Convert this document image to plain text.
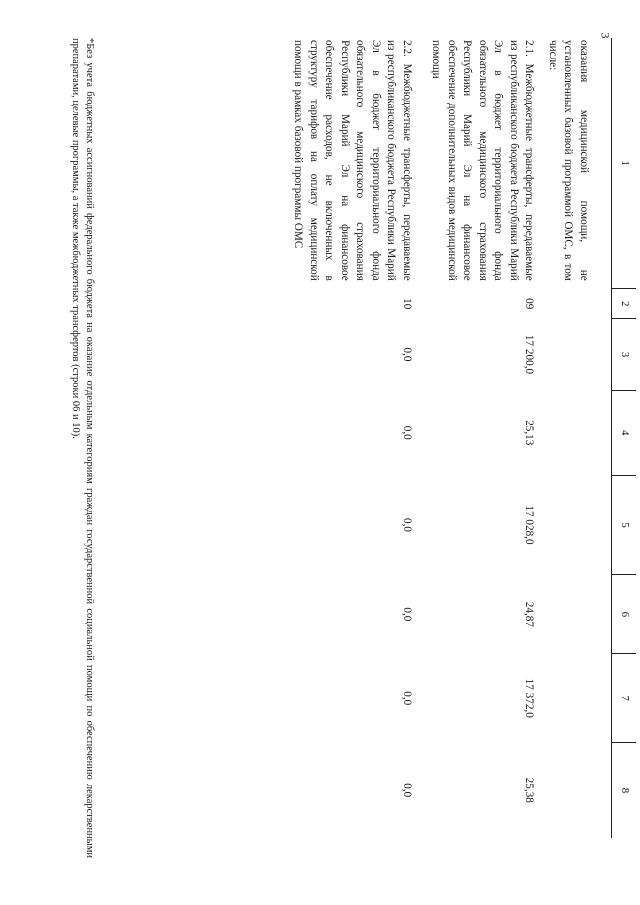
3
1	2	3	4	5	6	7	8

оказания медицинской помощи, не установленных базовой программой ОМС, в том числе:							

2.1. Межбюджетные трансферты, передаваемые из республиканского бюджета Республики Марий Эл в бюджет территориального фонда обязательного медицинского страхования Республики Марий Эл на финансовое обеспечение дополнительных видов медицинской помощи	09	17 200,0	25,13	17 028,0	24,87	17 372,0	25,38

2.2. Межбюджетные трансферты, передаваемые из республиканского бюджета Республики Марий Эл в бюджет территориального фонда обязательного медицинского страхования Республики Марий Эл на финансовое обеспечение расходов, не включенных в структуру тарифов на оплату медицинской помощи в рамках базовой программы ОМС	10	0,0	0,0	0,0	0,0	0,0	0,0
*Без учета бюджетных ассигнований федерального бюджета на оказание отдельным категориям граждан государственной социальной помощи по обеспечению лекарственными препаратами, целевые программы, а также межбюджетных трансфертов (строки 06 и 10).
